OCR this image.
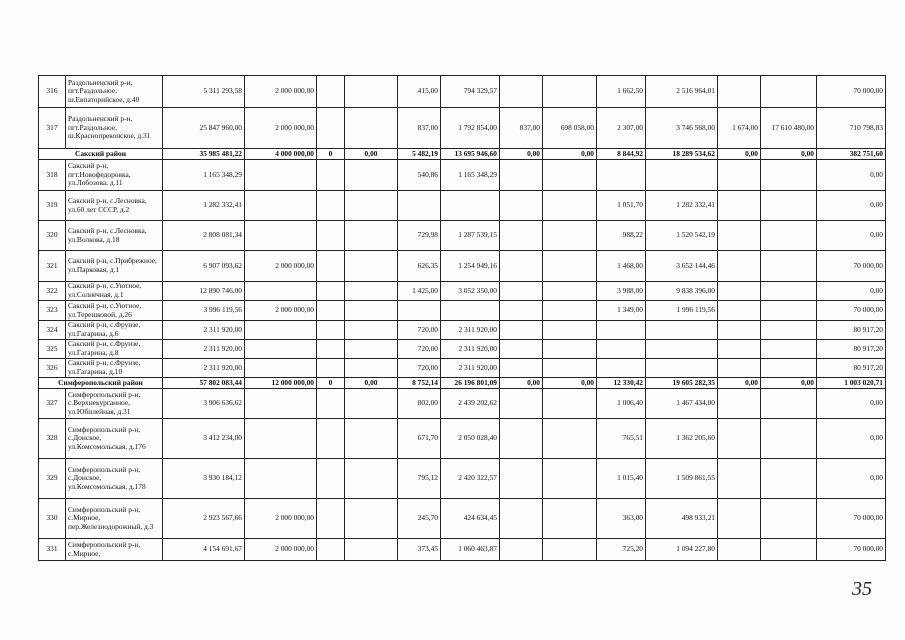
316	Раздольненский р-н, пгт.Раздольное, ш.Евпаторийское, д.40	5 311 293,58	2 000 000,00			415,00	794 329,57			1 662,50	2 516 964,01			70 000,00
317	Раздольненский р-н, пгт.Раздольное, ш.Краснопрекопское, д.31	25 847 960,00	2 000 000,00			837,00	1 792 854,00	837,00	698 058,00	2 307,00	3 746 568,00	1 674,00	17 610 480,00	710 798,83
Сакский район		35 985 481,22	4 000 000,00	0	0,00	5 482,19	13 695 946,60	0,00	0,00	8 844,92	18 289 534,62	0,00	0,00	382 751,60
318	Сакский р-н, пгт.Новофедоровка, ул.Лобозова, д.11	1 165 348,29				540,86	1 165 348,29							0,00
319	Сакский р-н, с.Лесновка, ул.60 лет СССР, д.2	1 282 332,41								1 051,70	1 282 332,41			0,00
320	Сакский р-н, с.Лесновка, ул.Волкова, д.18	2 808 081,34				729,98	1 287 539,15			988,22	1 520 542,19			0,00
321	Сакский р-н, с.Прибрежное, ул.Парковая, д.1	6 907 093,62	2 000 000,00			626,35	1 254 949,16			1 468,00	3 652 144,46			70 000,00
322	Сакский р-н, с.Уютное, ул.Солнечная, д.1	12 890 746,00				1 425,00	3 052 350,00			3 988,00	9 838 396,00			0,00
323	Сакский р-н, с.Уютное, ул.Терешковой, д.26	3 996 119,56	2 000 000,00							1 349,00	1 996 119,56			70 000,00
324	Сакский р-н, с.Фрунзе, ул.Гагарина, д.6	2 311 920,00				720,00	2 311 920,00							80 917,20
325	Сакский р-н, с.Фрунзе, ул.Гагарина, д.8	2 311 920,00				720,00	2 311 920,00							80 917,20
326	Сакский р-н, с.Фрунзе, ул.Гагарина, д.10	2 311 920,00				720,00	2 311 920,00							80 917,20
Симферопольский район		57 802 083,44	12 000 000,00	0	0,00	8 752,14	26 196 801,09	0,00	0,00	12 330,42	19 605 282,35	0,00	0,00	1 003 020,71
327	Симферопольский р-н, с.Верхнекурганное, ул.Юбилейная, д.31	3 906 636,62				802,00	2 439 202,62			1 006,40	1 467 434,00			0,00
328	Симферопольский р-н, с.Донское, ул.Комсомольская, д.176	3 412 234,00				671,70	2 050 028,40			765,51	1 362 205,60			0,00
329	Симферопольский р-н, с.Донское, ул.Комсомольская, д.178	3 930 184,12				795,12	2 420 322,57			1 015,40	1 509 861,55			0,00
330	Симферопольский р-н, с.Мирное, пер.Железнодорожный, д.3	2 923 567,66	2 000 000,00			245,70	424 634,45			363,00	498 933,21			70 000,00
331	Симферопольский р-н, с.Мирное,	4 154 691,67	2 000 000,00			373,45	1 060 463,87			725,20	1 094 227,80			70 000,00
35
